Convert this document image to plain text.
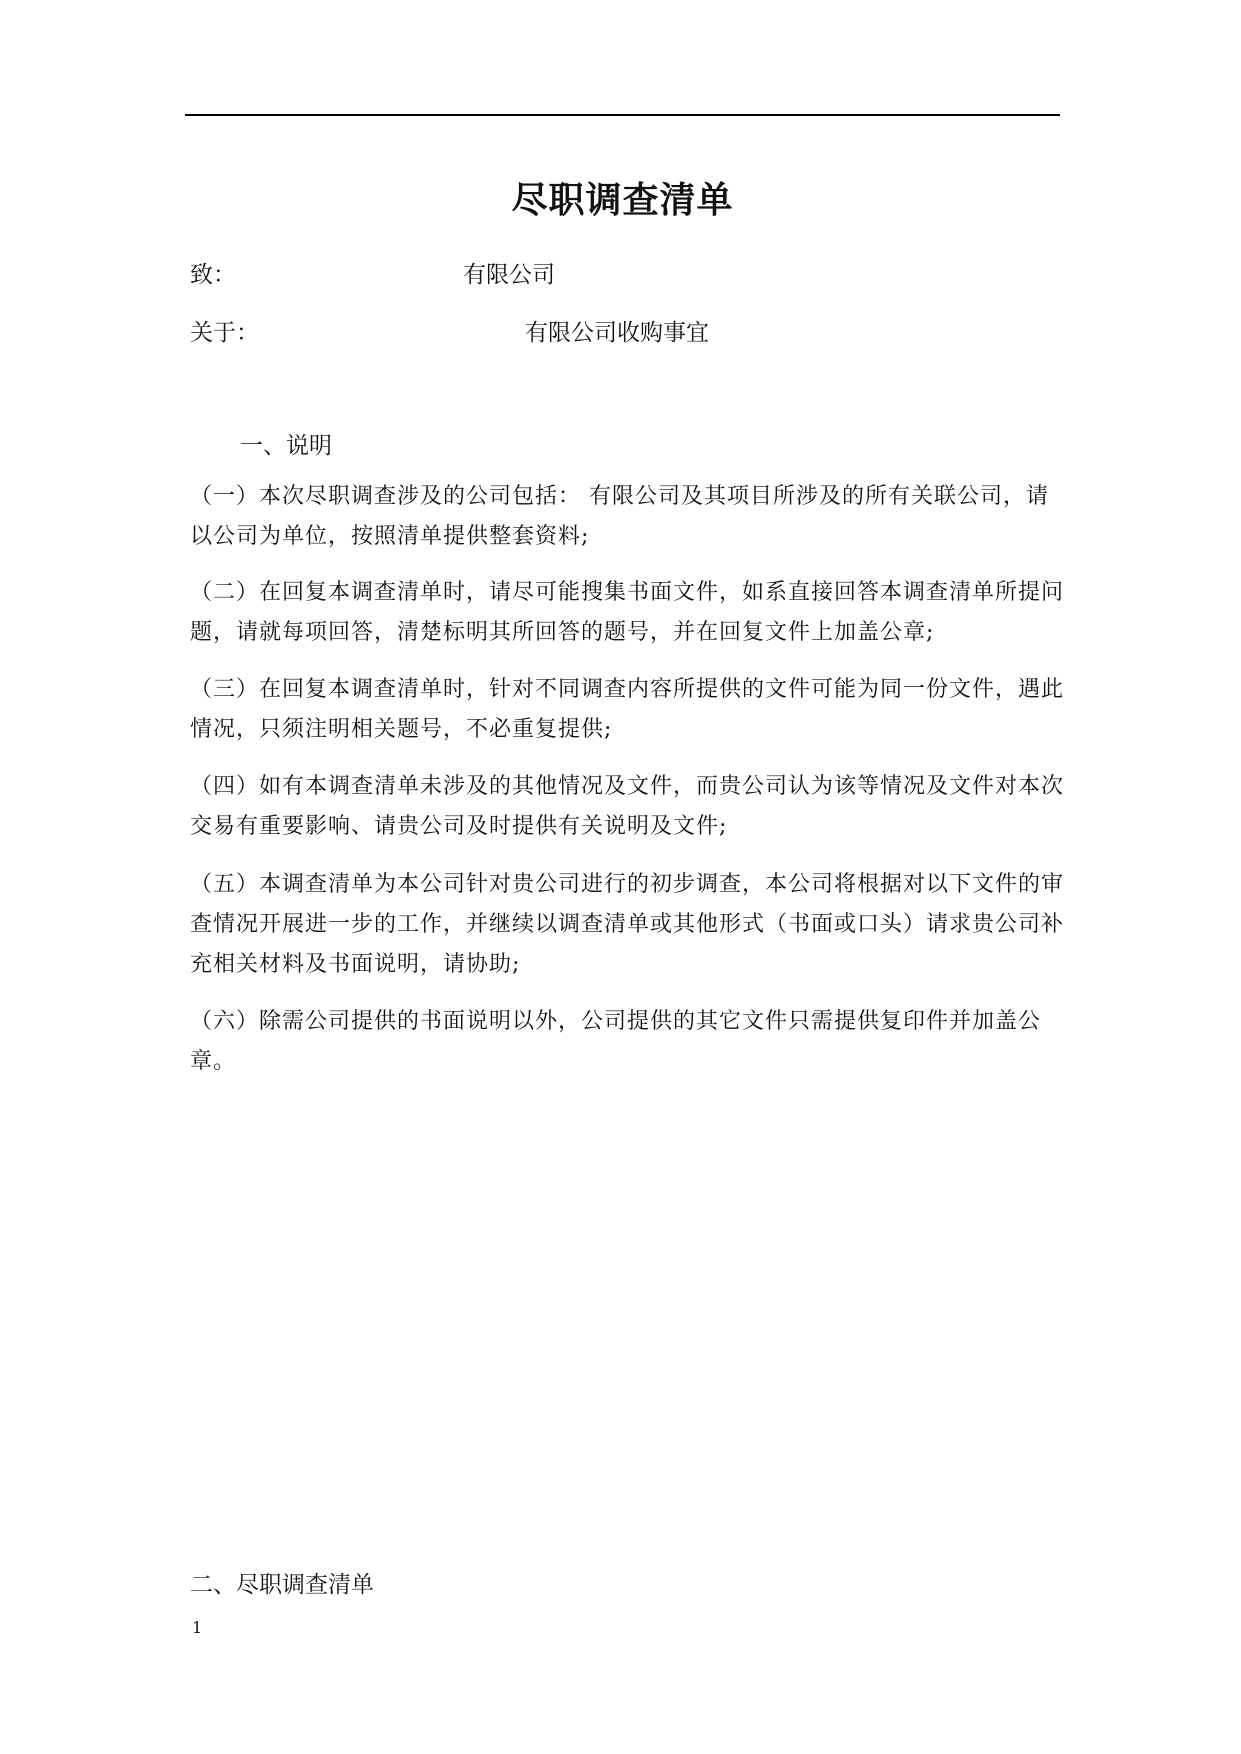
尽职调查清单
致：	有限公司
关于：	有限公司收购事宜
一、说明

（一）本次尽职调查涉及的公司包括： 有限公司及其项目所涉及的所有关联公司，请以公司为单位，按照清单提供整套资料;

（二）在回复本调查清单时，请尽可能搜集书面文件，如系直接回答本调查清单所提问题，请就每项回答，清楚标明其所回答的题号，并在回复文件上加盖公章;

（三）在回复本调查清单时，针对不同调查内容所提供的文件可能为同一份文件，遇此情况，只须注明相关题号，不必重复提供;

（四）如有本调查清单未涉及的其他情况及文件，而贵公司认为该等情况及文件对本次交易有重要影响、请贵公司及时提供有关说明及文件;

（五）本调查清单为本公司针对贵公司进行的初步调查，本公司将根据对以下文件的审查情况开展进一步的工作，并继续以调查清单或其他形式（书面或口头）请求贵公司补充相关材料及书面说明，请协助;

（六）除需公司提供的书面说明以外，公司提供的其它文件只需提供复印件并加盖公章。

二、尽职调查清单
1
